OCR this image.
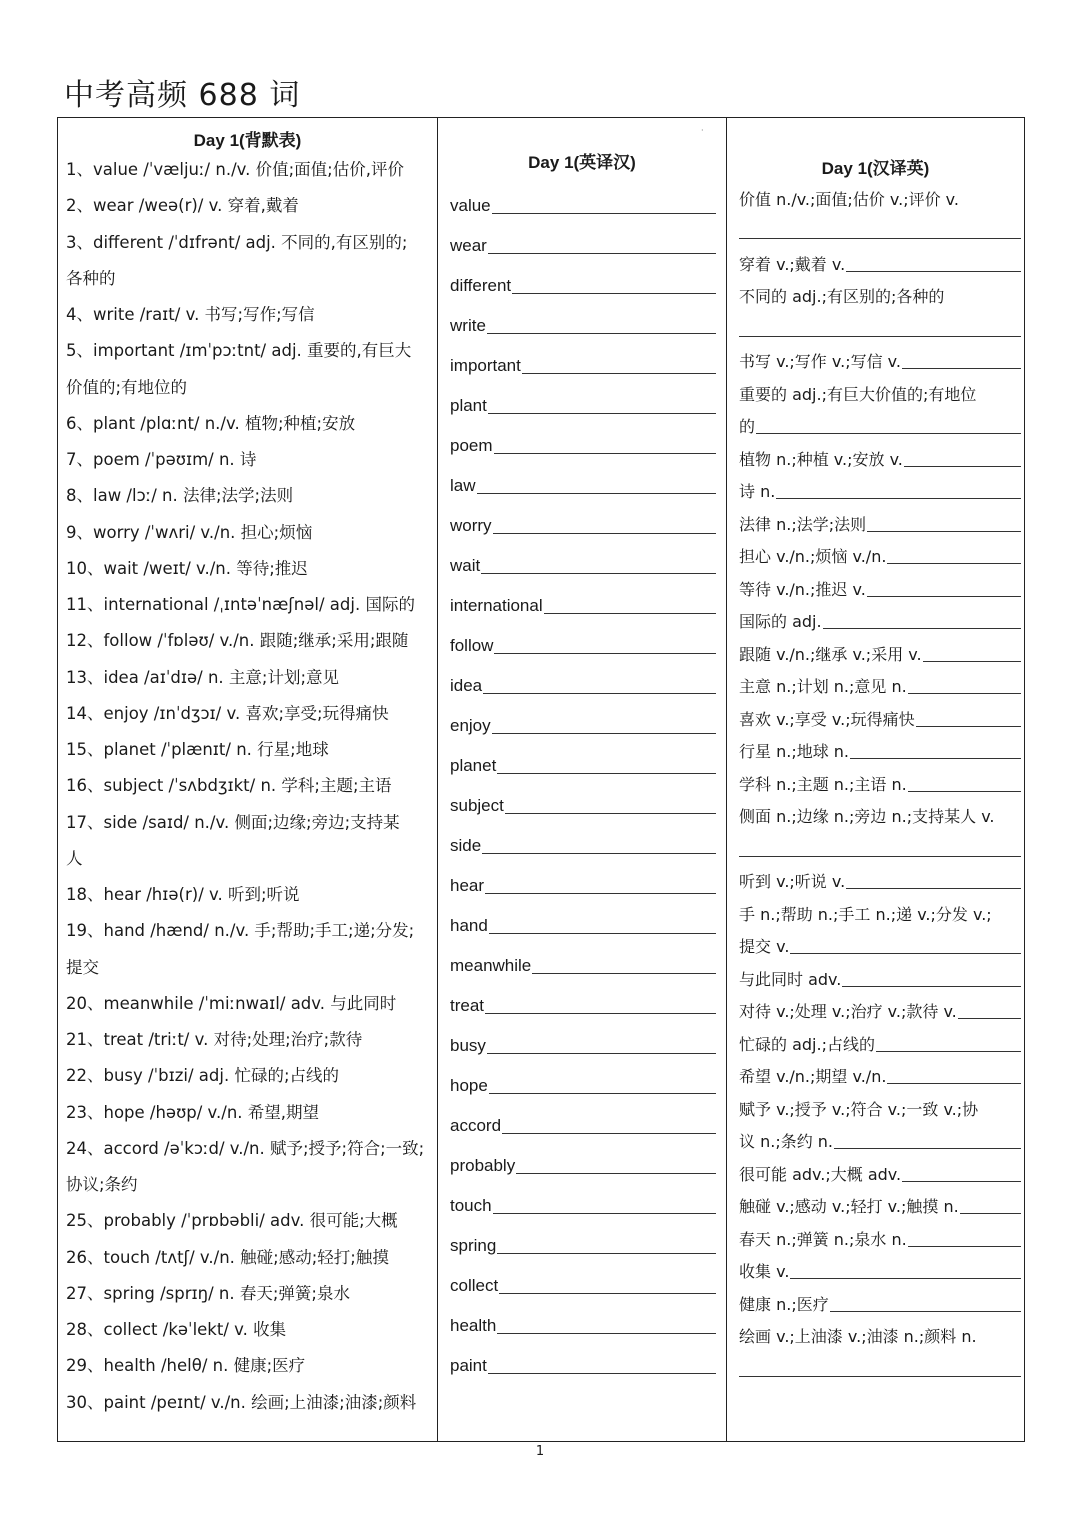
中考高频 688 词
Day 1(背默表)
1、value /ˈvæljuː/ n./v. 价值;面值;估价,评价
2、wear /weə(r)/ v. 穿着,戴着
3、different /ˈdɪfrənt/ adj. 不同的,有区别的;
各种的
4、write /raɪt/ v. 书写;写作;写信
5、important /ɪmˈpɔːtnt/ adj. 重要的,有巨大
价值的;有地位的
6、plant /plɑːnt/ n./v. 植物;种植;安放
7、poem /ˈpəʊɪm/ n. 诗
8、law /lɔː/ n. 法律;法学;法则
9、worry /ˈwʌri/ v./n. 担心;烦恼
10、wait /weɪt/ v./n. 等待;推迟
11、international /ˌɪntəˈnæʃnəl/ adj. 国际的
12、follow /ˈfɒləʊ/ v./n. 跟随;继承;采用;跟随
13、idea /aɪˈdɪə/ n. 主意;计划;意见
14、enjoy /ɪnˈdʒɔɪ/ v. 喜欢;享受;玩得痛快
15、planet /ˈplænɪt/ n. 行星;地球
16、subject /ˈsʌbdʒɪkt/ n. 学科;主题;主语
17、side /saɪd/ n./v. 侧面;边缘;旁边;支持某
人
18、hear /hɪə(r)/ v. 听到;听说
19、hand /hænd/ n./v. 手;帮助;手工;递;分发;
提交
20、meanwhile /ˈmiːnwaɪl/ adv. 与此同时
21、treat /triːt/ v. 对待;处理;治疗;款待
22、busy /ˈbɪzi/ adj. 忙碌的;占线的
23、hope /həʊp/ v./n. 希望,期望
24、accord /əˈkɔːd/ v./n. 赋予;授予;符合;一致;
协议;条约
25、probably /ˈprɒbəbli/ adv. 很可能;大概
26、touch /tʌtʃ/ v./n. 触碰;感动;轻打;触摸
27、spring /sprɪŋ/ n. 春天;弹簧;泉水
28、collect /kəˈlekt/ v. 收集
29、health /helθ/ n. 健康;医疗
30、paint /peɪnt/ v./n. 绘画;上油漆;油漆;颜料
·
Day 1(英译汉)
value
wear
different
write
important
plant
poem
law
worry
wait
international
follow
idea
enjoy
planet
subject
side
hear
hand
meanwhile
treat
busy
hope
accord
probably
touch
spring
collect
health
paint
Day 1(汉译英)
价值 n./v.;面值;估价 v.;评价 v.
穿着 v.;戴着 v.
不同的 adj.;有区别的;各种的
书写 v.;写作 v.;写信 v.
重要的 adj.;有巨大价值的;有地位
的
植物 n.;种植 v.;安放 v.
诗 n.
法律 n.;法学;法则
担心 v./n.;烦恼 v./n.
等待 v./n.;推迟 v.
国际的 adj.
跟随 v./n.;继承 v.;采用 v.
主意 n.;计划 n.;意见 n.
喜欢 v.;享受 v.;玩得痛快
行星 n.;地球 n.
学科 n.;主题 n.;主语 n.
侧面 n.;边缘 n.;旁边 n.;支持某人 v.
听到 v.;听说 v.
手 n.;帮助 n.;手工 n.;递 v.;分发 v.;
提交 v.
与此同时 adv.
对待 v.;处理 v.;治疗 v.;款待 v.
忙碌的 adj.;占线的
希望 v./n.;期望 v./n.
赋予 v.;授予 v.;符合 v.;一致 v.;协
议 n.;条约 n.
很可能 adv.;大概 adv.
触碰 v.;感动 v.;轻打 v.;触摸 n.
春天 n.;弹簧 n.;泉水 n.
收集 v.
健康 n.;医疗
绘画 v.;上油漆 v.;油漆 n.;颜料 n.
1
